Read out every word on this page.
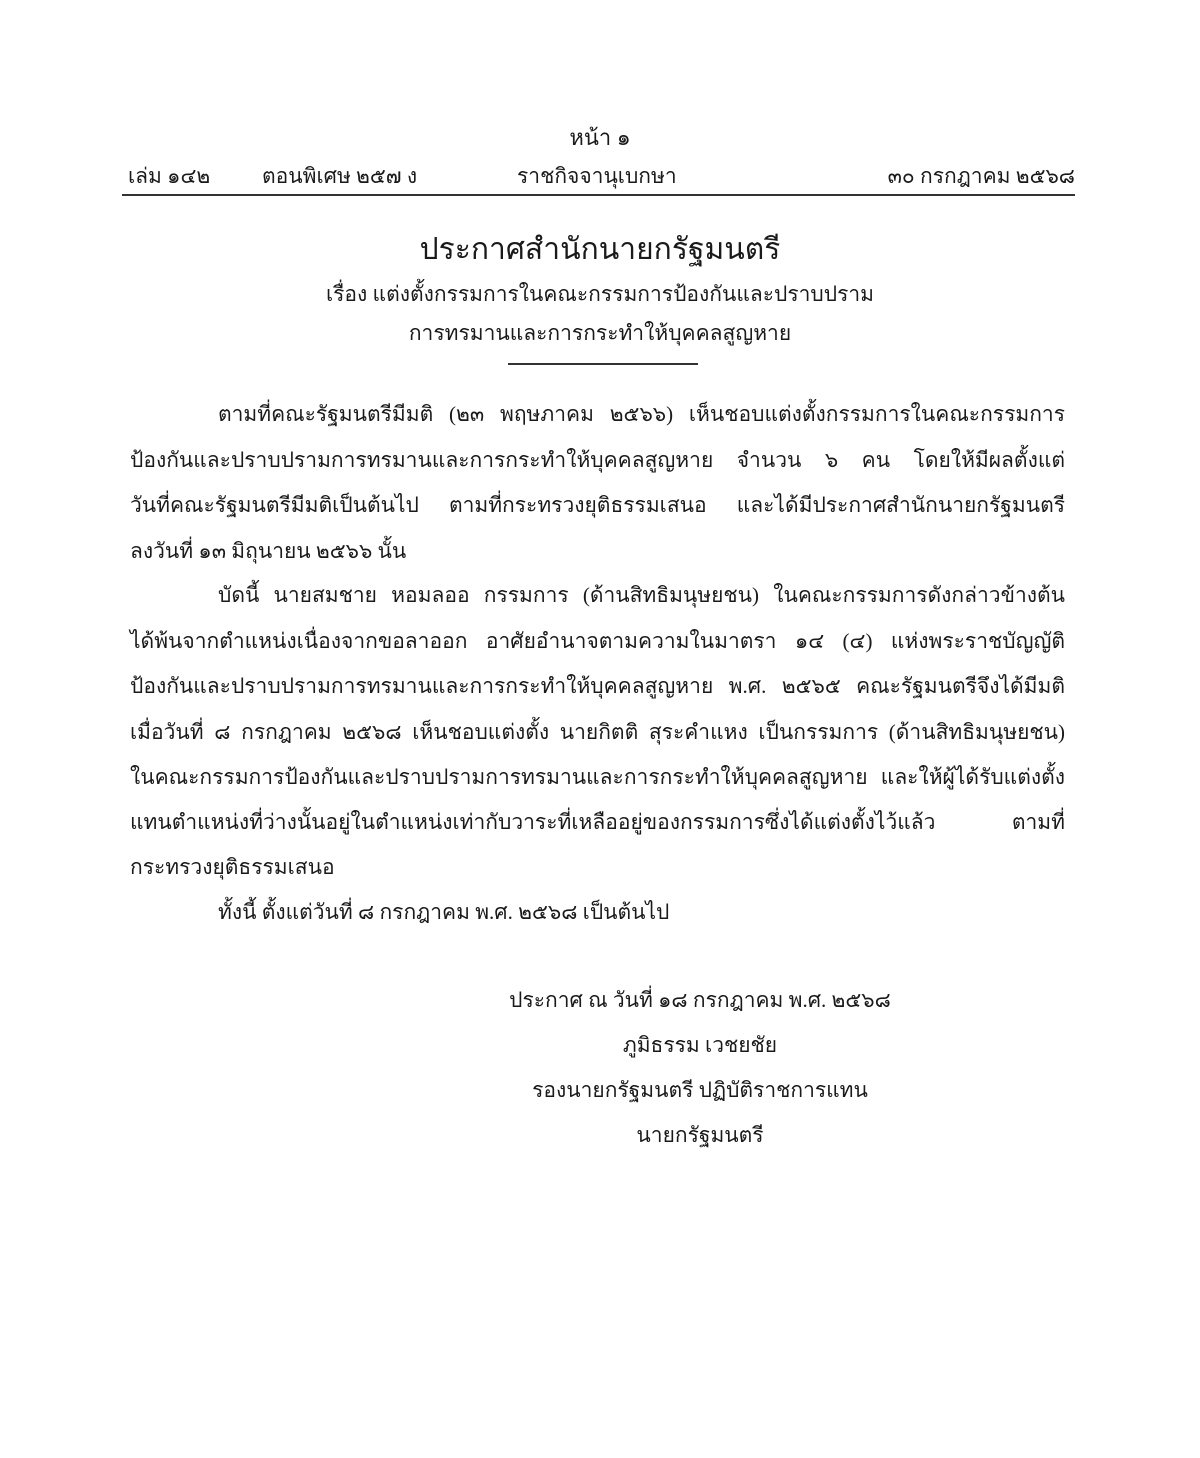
หน้า ๑
เล่ม ๑๔๒ ตอนพิเศษ ๒๕๗ ง	ราชกิจจานุเบกษา	๓๐ กรกฎาคม ๒๕๖๘
ประกาศสำนักนายกรัฐมนตรี
เรื่อง แต่งตั้งกรรมการในคณะกรรมการป้องกันและปราบปราม
การทรมานและการกระทำให้บุคคลสูญหาย
ตามที่คณะรัฐมนตรีมีมติ (๒๓ พฤษภาคม ๒๕๖๖) เห็นชอบแต่งตั้งกรรมการในคณะกรรมการ
ป้องกันและปราบปรามการทรมานและการกระทำให้บุคคลสูญหาย จำนวน ๖ คน โดยให้มีผลตั้งแต่
วันที่คณะรัฐมนตรีมีมติเป็นต้นไป ตามที่กระทรวงยุติธรรมเสนอ และได้มีประกาศสำนักนายกรัฐมนตรี
ลงวันที่ ๑๓ มิถุนายน ๒๕๖๖ นั้น
บัดนี้ นายสมชาย หอมลออ กรรมการ (ด้านสิทธิมนุษยชน) ในคณะกรรมการดังกล่าวข้างต้น
ได้พ้นจากตำแหน่งเนื่องจากขอลาออก อาศัยอำนาจตามความในมาตรา ๑๔ (๔) แห่งพระราชบัญญัติ
ป้องกันและปราบปรามการทรมานและการกระทำให้บุคคลสูญหาย พ.ศ. ๒๕๖๕ คณะรัฐมนตรีจึงได้มีมติ
เมื่อวันที่ ๘ กรกฎาคม ๒๕๖๘ เห็นชอบแต่งตั้ง นายกิตติ สุระคำแหง เป็นกรรมการ (ด้านสิทธิมนุษยชน)
ในคณะกรรมการป้องกันและปราบปรามการทรมานและการกระทำให้บุคคลสูญหาย และให้ผู้ได้รับแต่งตั้ง
แทนตำแหน่งที่ว่างนั้นอยู่ในตำแหน่งเท่ากับวาระที่เหลืออยู่ของกรรมการซึ่งได้แต่งตั้งไว้แล้ว ตามที่
กระทรวงยุติธรรมเสนอ
ทั้งนี้ ตั้งแต่วันที่ ๘ กรกฎาคม พ.ศ. ๒๕๖๘ เป็นต้นไป
ประกาศ ณ วันที่ ๑๘ กรกฎาคม พ.ศ. ๒๕๖๘
ภูมิธรรม เวชยชัย
รองนายกรัฐมนตรี ปฏิบัติราชการแทน
นายกรัฐมนตรี
